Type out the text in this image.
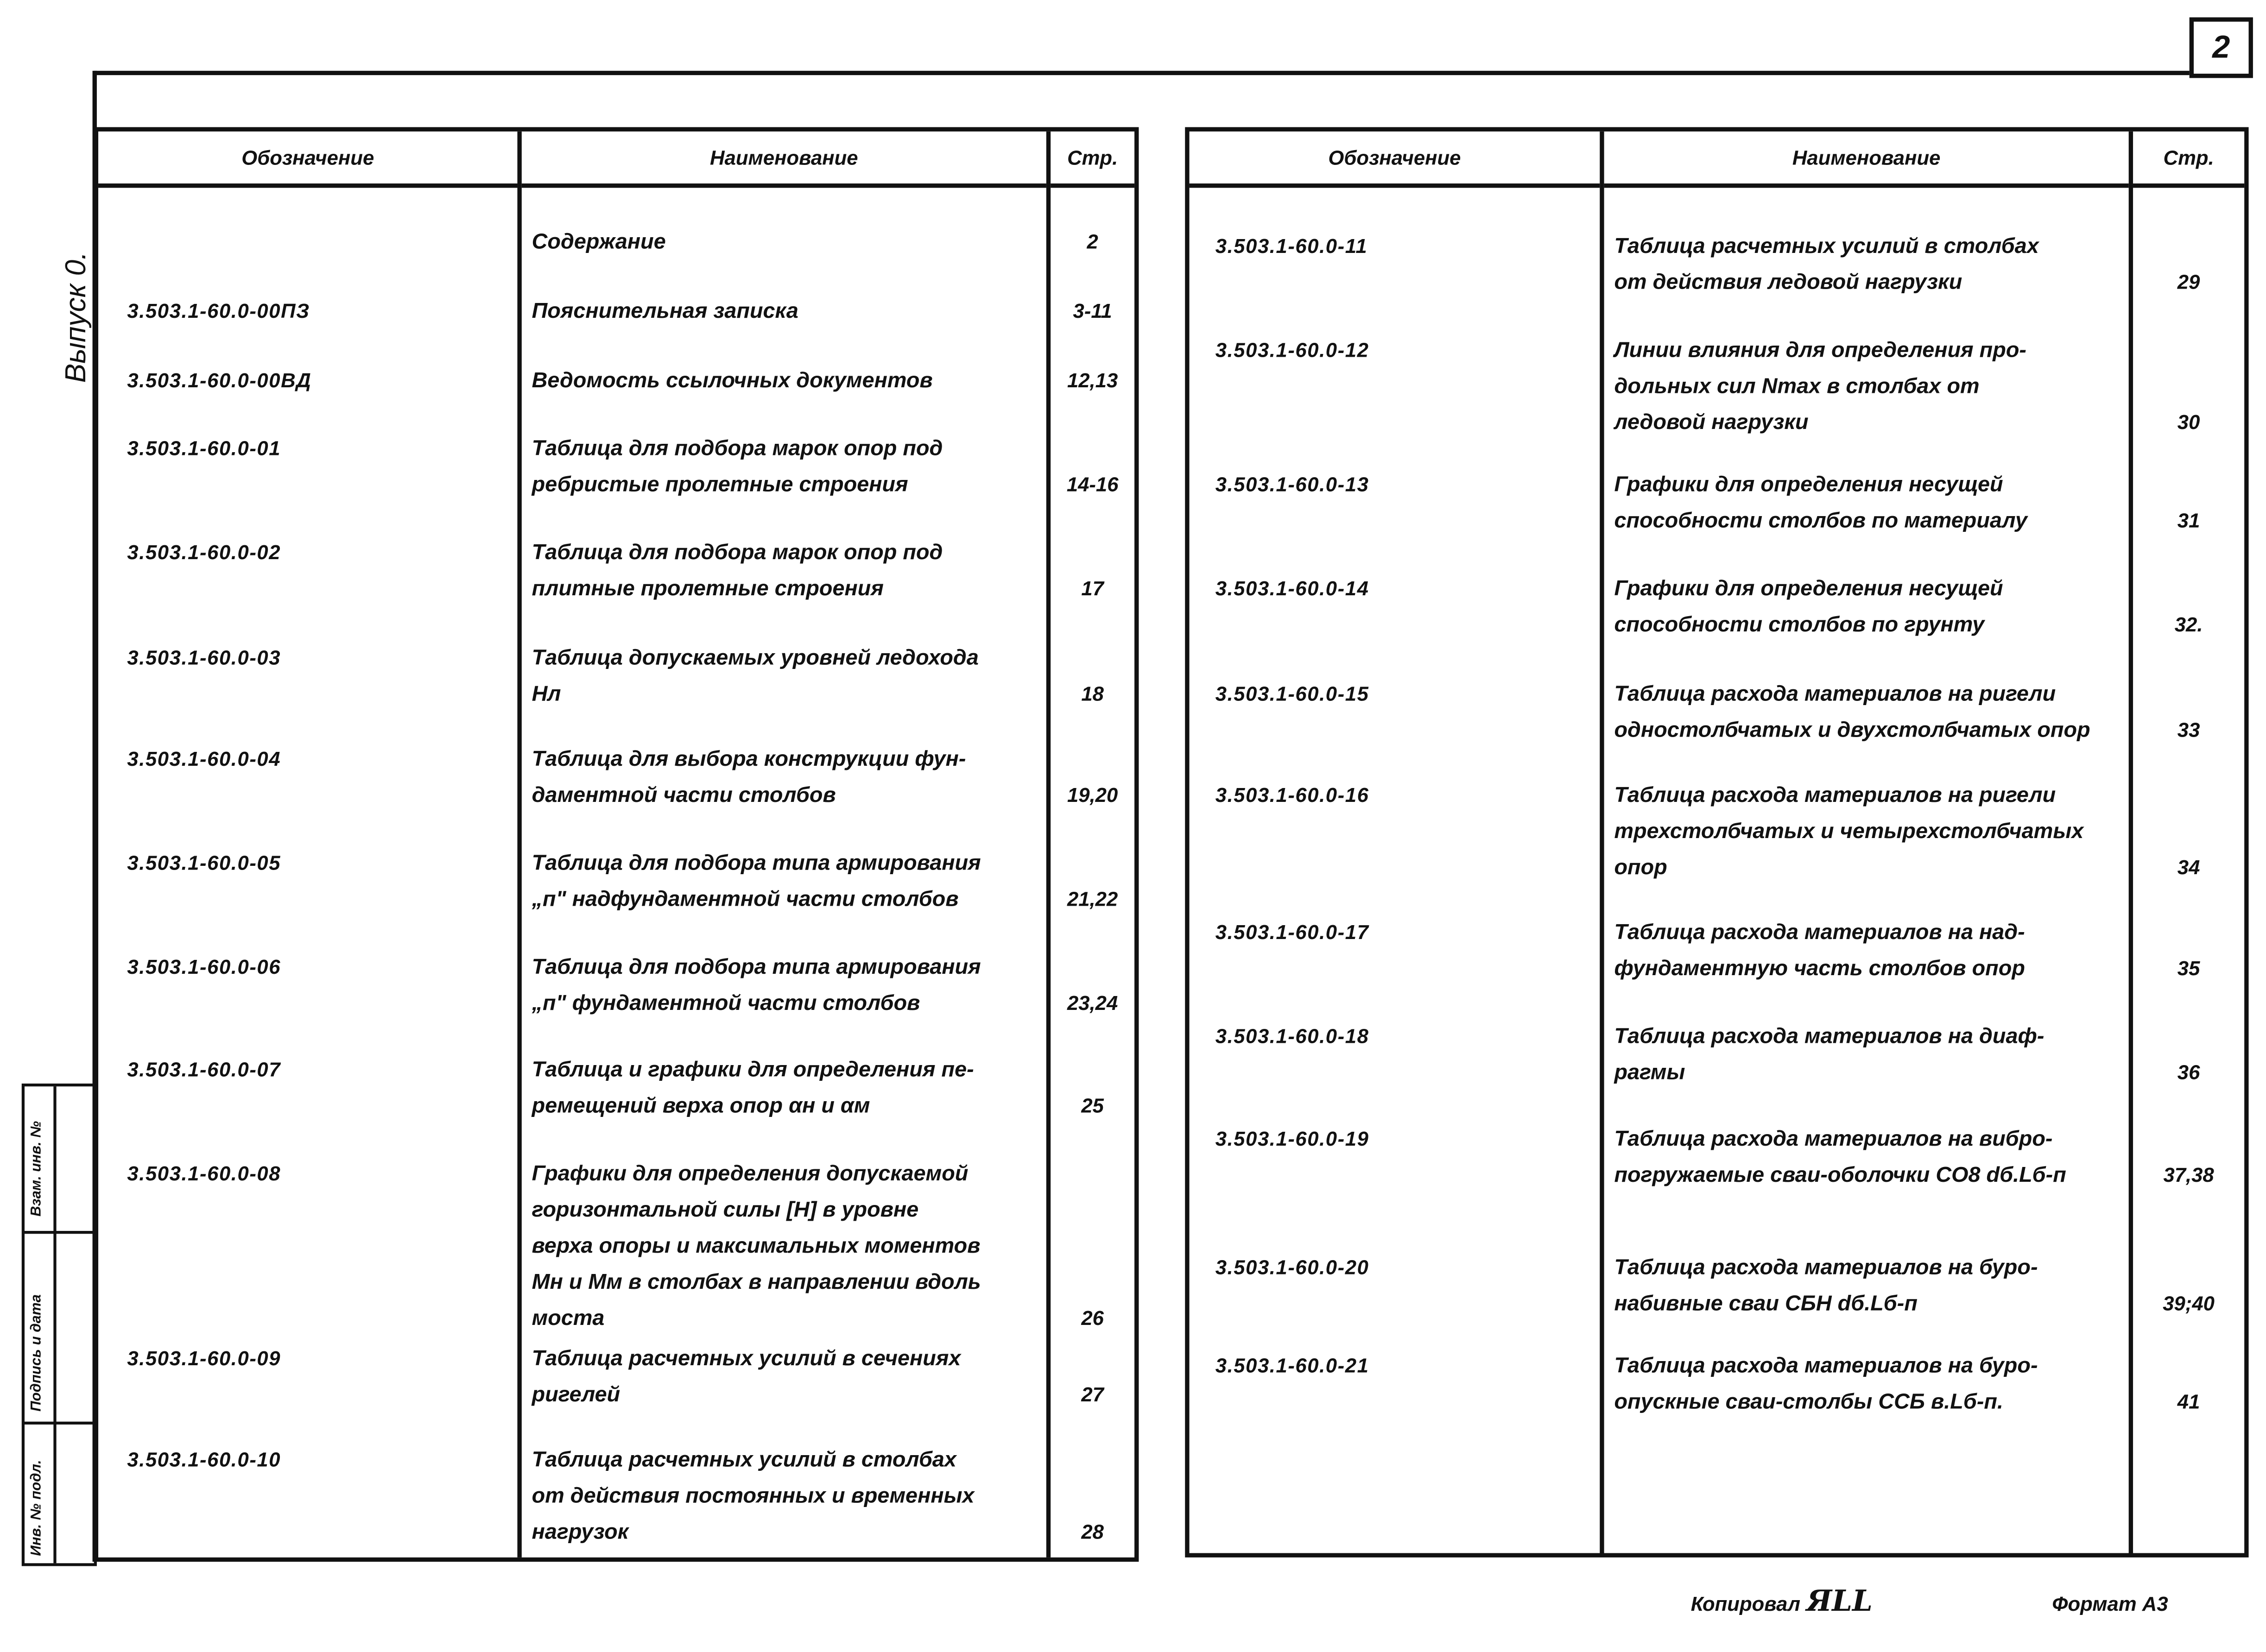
2
Выпуск 0.
Инв. № подл.
Подпись и дата
Взам. инв. №
Обозначение	Наименование	Стр.
Содержание	2
3.503.1-60.0-00ПЗ	Пояснительная записка	3-11
3.503.1-60.0-00ВД	Ведомость ссылочных документов	12,13
3.503.1-60.0-01	Таблица для подбора марок опор под
ребристые пролетные строения	14-16
3.503.1-60.0-02	Таблица для подбора марок опор под
плитные пролетные строения	17
3.503.1-60.0-03	Таблица допускаемых уровней ледохода
Нл	18
3.503.1-60.0-04	Таблица для выбора конструкции фун-
даментной части столбов	19,20
3.503.1-60.0-05	Таблица для подбора типа армирования
„п" надфундаментной части столбов	21,22
3.503.1-60.0-06	Таблица для подбора типа армирования
„п" фундаментной части столбов	23,24
3.503.1-60.0-07	Таблица и графики для определения пе-
ремещений верха опор αн и αм	25
3.503.1-60.0-08	Графики для определения допускаемой
горизонтальной силы [Н] в уровне
верха опоры и максимальных моментов
Мн и Мм в столбах в направлении вдоль
моста	26
3.503.1-60.0-09	Таблица расчетных усилий в сечениях
ригелей	27
3.503.1-60.0-10	Таблица расчетных усилий в столбах
от действия постоянных и временных
нагрузок	28
Обозначение	Наименование	Стр.
3.503.1-60.0-11	Таблица расчетных усилий в столбах
от действия ледовой нагрузки	29
3.503.1-60.0-12	Линии влияния для определения про-
дольных сил Nmax в столбах от
ледовой нагрузки	30
3.503.1-60.0-13	Графики для определения несущей
способности столбов по материалу	31
3.503.1-60.0-14	Графики для определения несущей
способности столбов по грунту	32.
3.503.1-60.0-15	Таблица расхода материалов на ригели
одностолбчатых и двухстолбчатых опор	33
3.503.1-60.0-16	Таблица расхода материалов на ригели
трехстолбчатых и четырехстолбчатых
опор	34
3.503.1-60.0-17	Таблица расхода материалов на над-
фундаментную часть столбов опор	35
3.503.1-60.0-18	Таблица расхода материалов на диаф-
рагмы	36
3.503.1-60.0-19	Таблица расхода материалов на вибро-
погружаемые сваи-оболочки СО8 dб.Lб-п	37,38
3.503.1-60.0-20	Таблица расхода материалов на буро-
набивные сваи СБН dб.Lб-п	39;40
3.503.1-60.0-21	Таблица расхода материалов на буро-
опускные сваи-столбы ССБ в.Lб-п.	41
Копировал ЯLL	Формат А3
